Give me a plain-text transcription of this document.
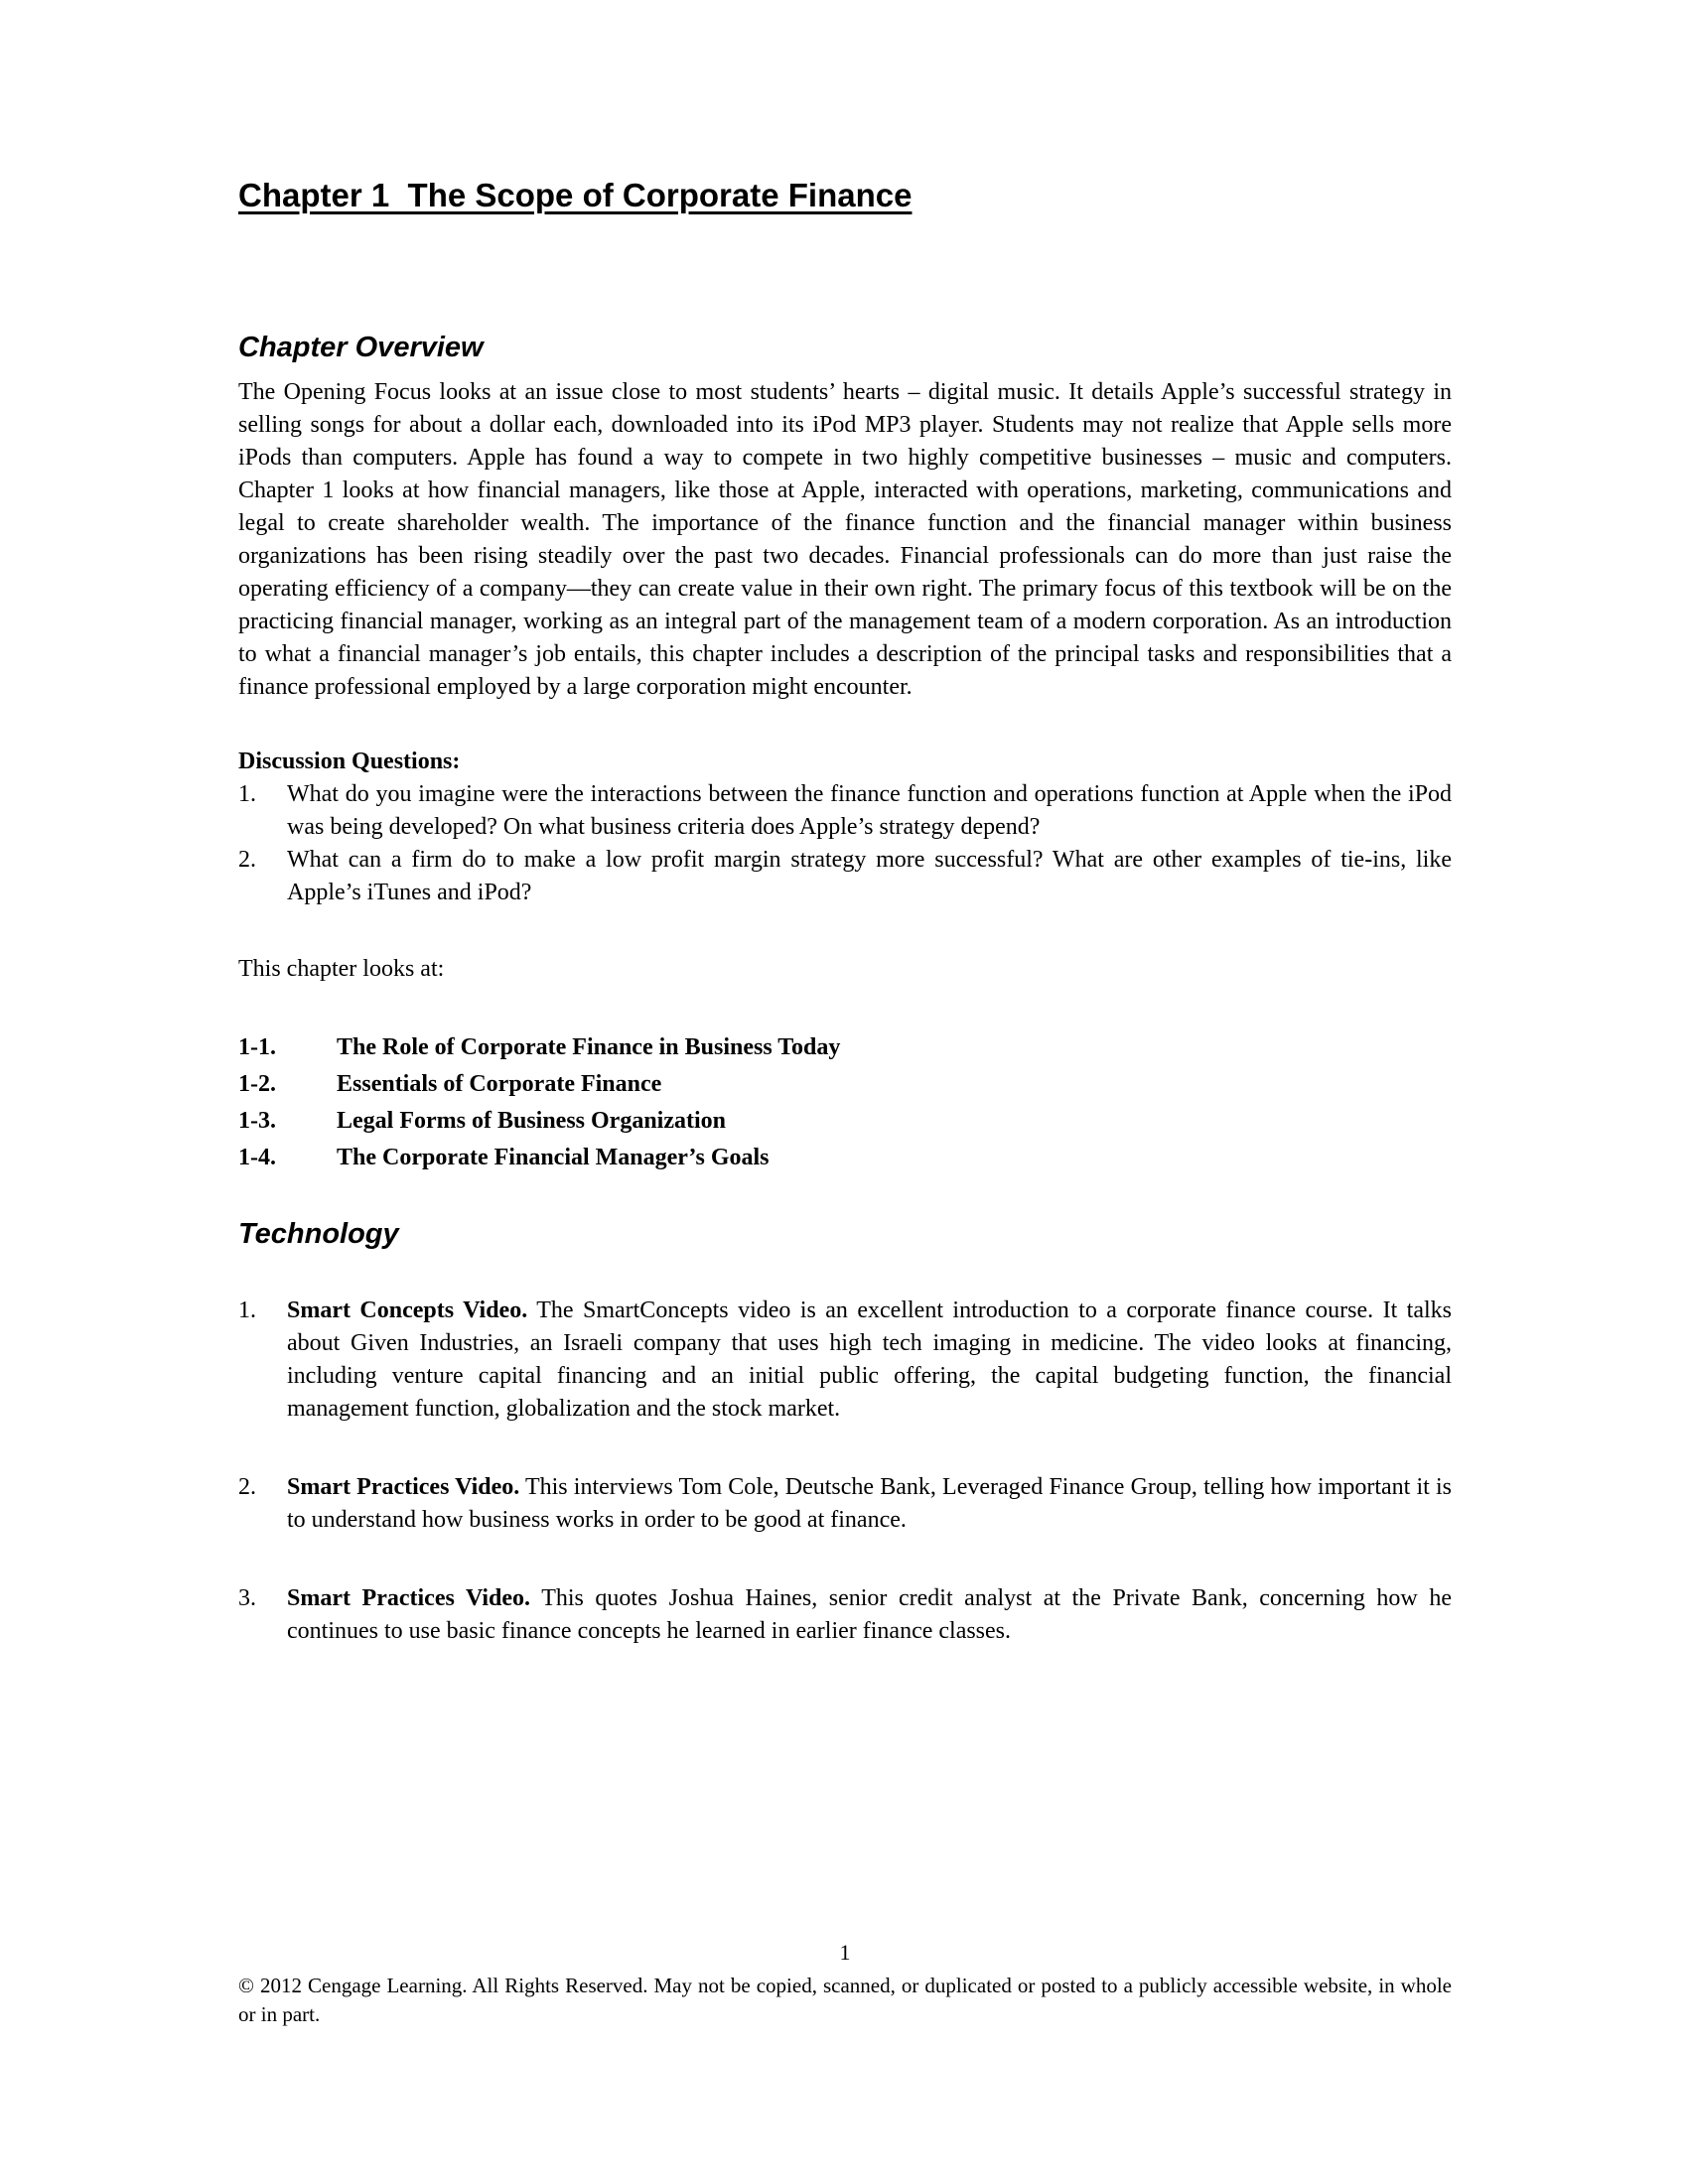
Chapter 1  The Scope of Corporate Finance
Chapter Overview

The Opening Focus looks at an issue close to most students’ hearts – digital music. It details Apple’s successful strategy in selling songs for about a dollar each, downloaded into its iPod MP3 player. Students may not realize that Apple sells more iPods than computers. Apple has found a way to compete in two highly competitive businesses – music and computers. Chapter 1 looks at how financial managers, like those at Apple, interacted with operations, marketing, communications and legal to create shareholder wealth. The importance of the finance function and the financial manager within business organizations has been rising steadily over the past two decades. Financial professionals can do more than just raise the operating efficiency of a company—they can create value in their own right. The primary focus of this textbook will be on the practicing financial manager, working as an integral part of the management team of a modern corporation. As an introduction to what a financial manager’s job entails, this chapter includes a description of the principal tasks and responsibilities that a finance professional employed by a large corporation might encounter.

Discussion Questions:

1.	What do you imagine were the interactions between the finance function and operations function at Apple when the iPod was being developed? On what business criteria does Apple’s strategy depend?
2.	What can a firm do to make a low profit margin strategy more successful? What are other examples of tie-ins, like Apple’s iTunes and iPod?

This chapter looks at:

1-1.	The Role of Corporate Finance in Business Today
1-2.	Essentials of Corporate Finance
1-3.	Legal Forms of Business Organization
1-4.	The Corporate Financial Manager’s Goals
Technology
1.	Smart Concepts Video. The SmartConcepts video is an excellent introduction to a corporate finance course. It talks about Given Industries, an Israeli company that uses high tech imaging in medicine. The video looks at financing, including venture capital financing and an initial public offering, the capital budgeting function, the financial management function, globalization and the stock market.
2.	Smart Practices Video. This interviews Tom Cole, Deutsche Bank, Leveraged Finance Group, telling how important it is to understand how business works in order to be good at finance.
3.	Smart Practices Video. This quotes Joshua Haines, senior credit analyst at the Private Bank, concerning how he continues to use basic finance concepts he learned in earlier finance classes.
1
© 2012 Cengage Learning. All Rights Reserved. May not be copied, scanned, or duplicated or posted to a publicly accessible website, in whole or in part.
